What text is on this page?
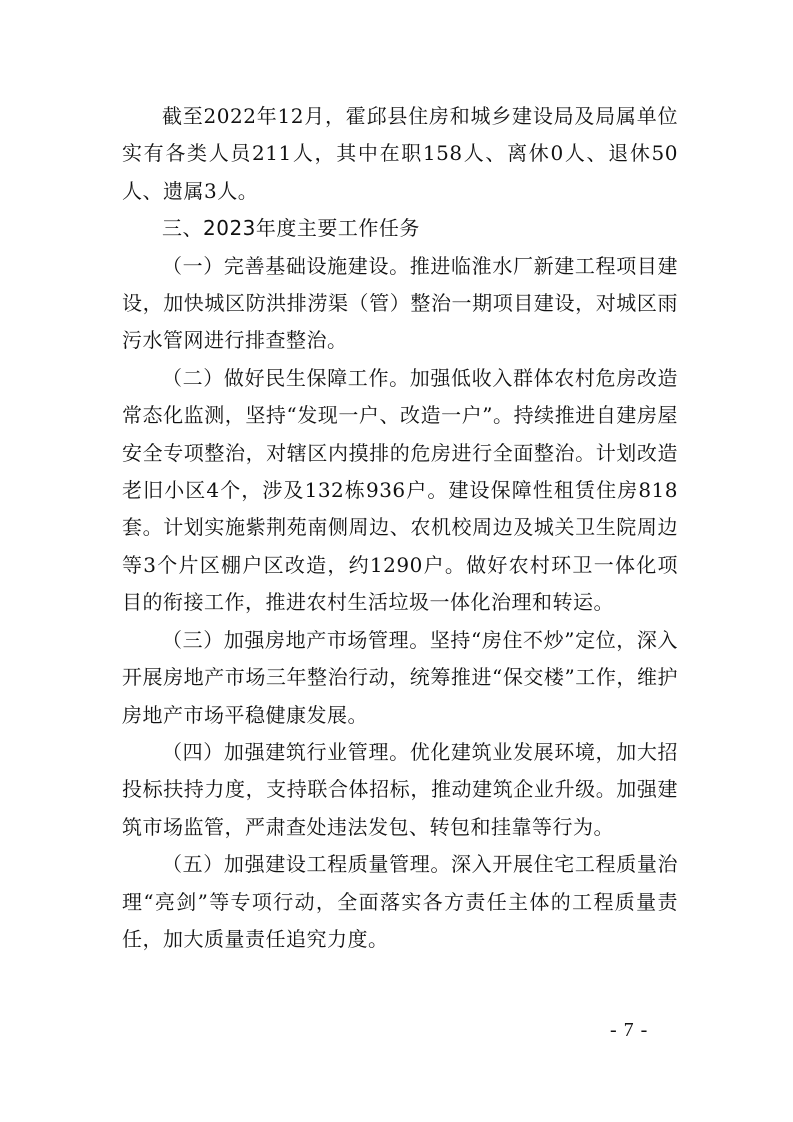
截至2022年12月，霍邱县住房和城乡建设局及局属单位实有各类人员211人，其中在职158人、离休0人、退休50人、遗属3人。

三、2023年度主要工作任务

（一）完善基础设施建设。推进临淮水厂新建工程项目建设，加快城区防洪排涝渠（管）整治一期项目建设，对城区雨污水管网进行排查整治。

（二）做好民生保障工作。加强低收入群体农村危房改造常态化监测，坚持“发现一户、改造一户”。持续推进自建房屋安全专项整治，对辖区内摸排的危房进行全面整治。计划改造老旧小区4个，涉及132栋936户。建设保障性租赁住房818套。计划实施紫荆苑南侧周边、农机校周边及城关卫生院周边等3个片区棚户区改造，约1290户。做好农村环卫一体化项目的衔接工作，推进农村生活垃圾一体化治理和转运。

（三）加强房地产市场管理。坚持“房住不炒”定位，深入开展房地产市场三年整治行动，统筹推进“保交楼”工作，维护房地产市场平稳健康发展。

（四）加强建筑行业管理。优化建筑业发展环境，加大招投标扶持力度，支持联合体招标，推动建筑企业升级。加强建筑市场监管，严肃查处违法发包、转包和挂靠等行为。

（五）加强建设工程质量管理。深入开展住宅工程质量治理“亮剑”等专项行动，全面落实各方责任主体的工程质量责任，加大质量责任追究力度。

- 7 -
